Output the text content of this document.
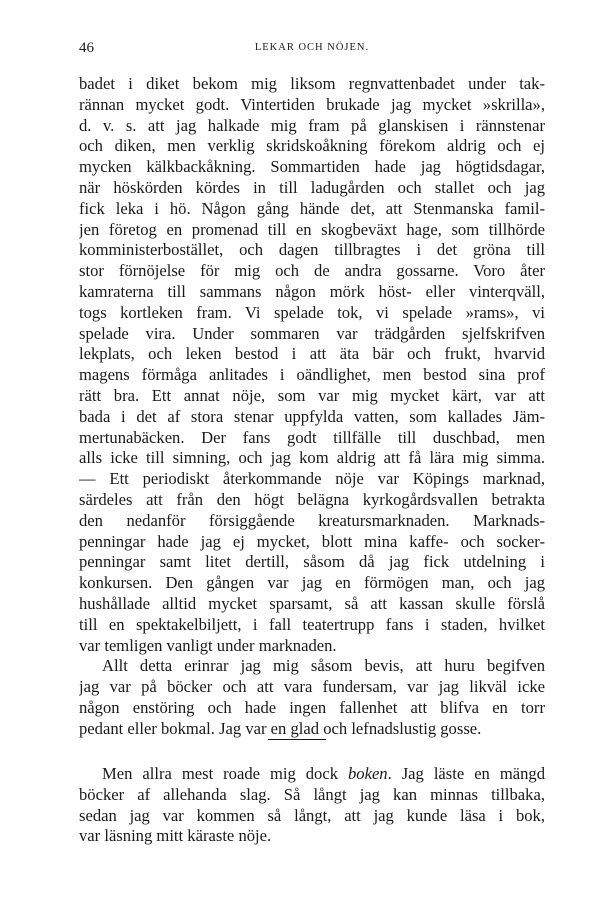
46	LEKAR OCH NÖJEN.
badet i diket bekom mig liksom regnvattenbadet under tak-
rännan mycket godt. Vintertiden brukade jag mycket »skrilla»,
d. v. s. att jag halkade mig fram på glanskisen i rännstenar
och diken, men verklig skridskoåkning förekom aldrig och ej
mycken kälkbackåkning. Sommartiden hade jag högtidsdagar,
när höskörden kördes in till ladugården och stallet och jag
fick leka i hö. Någon gång hände det, att Stenmanska famil-
jen företog en promenad till en skogbeväxt hage, som tillhörde
komministerbostället, och dagen tillbragtes i det gröna till
stor förnöjelse för mig och de andra gossarne. Voro åter
kamraterna till sammans någon mörk höst- eller vinterqväll,
togs kortleken fram. Vi spelade tok, vi spelade »rams», vi
spelade vira. Under sommaren var trädgården sjelfskrifven
lekplats, och leken bestod i att äta bär och frukt, hvarvid
magens förmåga anlitades i oändlighet, men bestod sina prof
rätt bra. Ett annat nöje, som var mig mycket kärt, var att
bada i det af stora stenar uppfylda vatten, som kallades Jäm-
mertunabäcken. Der fans godt tillfälle till duschbad, men
alls icke till simning, och jag kom aldrig att få lära mig simma.
— Ett periodiskt återkommande nöje var Köpings marknad,
särdeles att från den högt belägna kyrkogårdsvallen betrakta
den nedanför försiggående kreatursmarknaden. Marknads-
penningar hade jag ej mycket, blott mina kaffe- och socker-
penningar samt litet dertill, såsom då jag fick utdelning i
konkursen. Den gången var jag en förmögen man, och jag
hushållade alltid mycket sparsamt, så att kassan skulle förslå
till en spektakelbiljett, i fall teatertrupp fans i staden, hvilket
var temligen vanligt under marknaden.
Allt detta erinrar jag mig såsom bevis, att huru begifven
jag var på böcker och att vara fundersam, var jag likväl icke
någon enstöring och hade ingen fallenhet att blifva en torr
pedant eller bokmal. Jag var en glad och lefnadslustig gosse.
Men allra mest roade mig dock boken. Jag läste en mängd
böcker af allehanda slag. Så långt jag kan minnas tillbaka,
sedan jag var kommen så långt, att jag kunde läsa i bok,
var läsning mitt käraste nöje.
